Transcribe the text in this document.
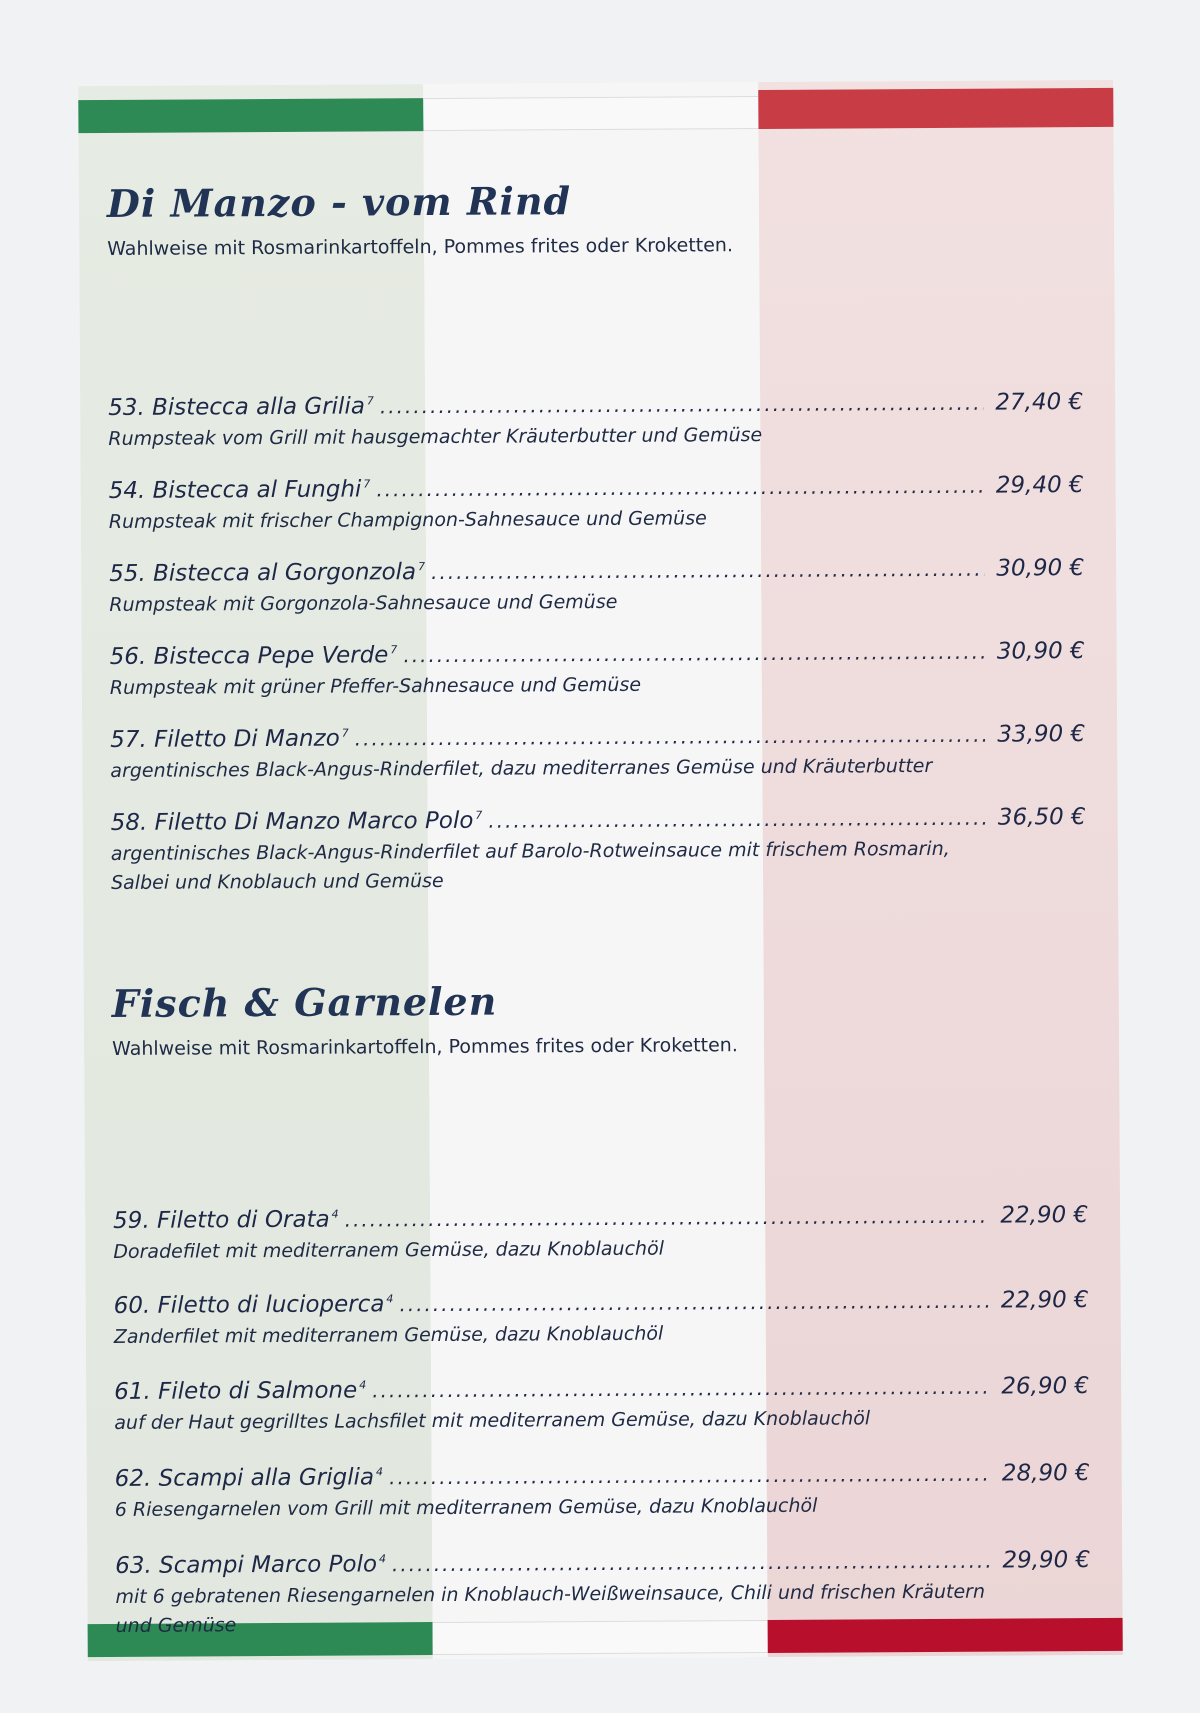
Di Manzo - vom Rind
Wahlweise mit Rosmarinkartoffeln, Pommes frites oder Kroketten.
53. Bistecca alla Grilia $^7$ .....	27,40 €
Rumpsteak vom Grill mit hausgemachter Kräuterbutter und Gemüse
54. Bistecca al Funghi $^7$ .....	29,40 €
Rumpsteak mit frischer Champignon-Sahnesauce und Gemüse
55. Bistecca al Gorgonzola $^7$ .....	30,90 €
Rumpsteak mit Gorgonzola-Sahnesauce und Gemüse
56. Bistecca Pepe Verde $^7$ .....	30,90 €
Rumpsteak mit grüner Pfeffer-Sahnesauce und Gemüse
57. Filetto Di Manzo $^7$ .....	33,90 €
argentinisches Black-Angus-Rinderfilet, dazu mediterranes Gemüse und Kräuterbutter
58. Filetto Di Manzo Marco Polo $^7$ .....	36,50 €
argentinisches Black-Angus-Rinderfilet auf Barolo-Rotweinsauce mit frischem Rosmarin, Salbei und Knoblauch und Gemüse
Fisch & Garnelen
Wahlweise mit Rosmarinkartoffeln, Pommes frites oder Kroketten.
59. Filetto di Orata $^4$ .....	22,90 €
Doradefilet mit mediterranem Gemüse, dazu Knoblauchöl
60. Filetto di lucioperca $^4$ .....	22,90 €
Zanderfilet mit mediterranem Gemüse, dazu Knoblauchöl
61. Fileto di Salmone $^4$ .....	26,90 €
auf der Haut gegrilltes Lachsfilet mit mediterranem Gemüse, dazu Knoblauchöl
62. Scampi alla Griglia $^4$ .....	28,90 €
6 Riesengarnelen vom Grill mit mediterranem Gemüse, dazu Knoblauchöl
63. Scampi Marco Polo $^4$ .....	29,90 €
mit 6 gebratenen Riesengarnelen in Knoblauch-Weißweinsauce, Chili und frischen Kräutern und Gemüse
